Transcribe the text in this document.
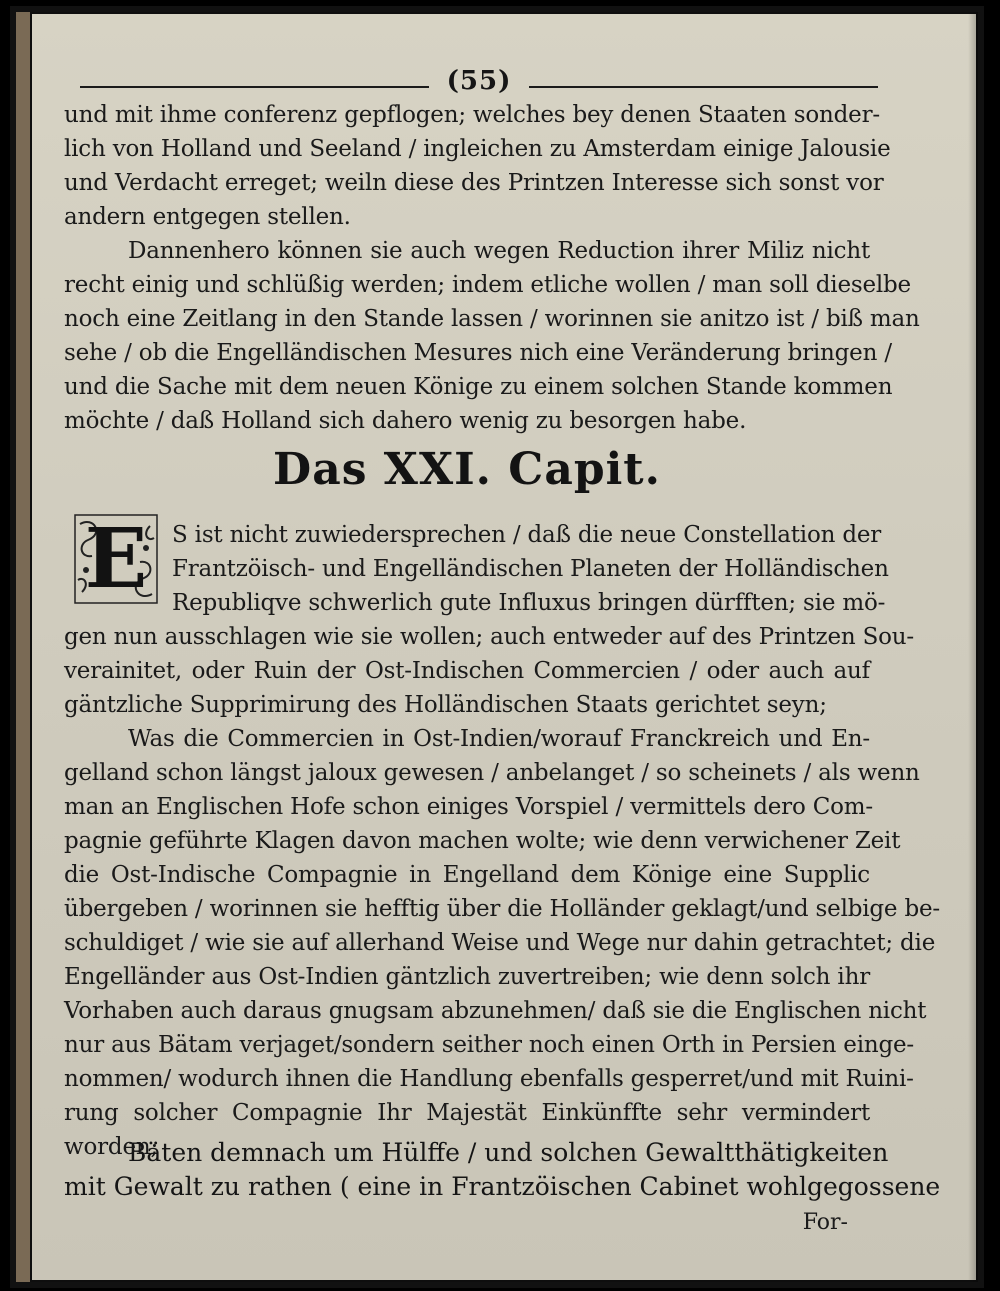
(55)
und mit ihme conferenz gepflogen; welches bey denen Staaten sonder-
lich von Holland und Seeland / ingleichen zu Amsterdam einige Jalousie
und Verdacht erreget; weiln diese des Printzen Interesse sich sonst vor
andern entgegen stellen.
Dannenhero können sie auch wegen Reduction ihrer Miliz nicht
recht einig und schlüßig werden; indem etliche wollen / man soll dieselbe
noch eine Zeitlang in den Stande lassen / worinnen sie anitzo ist / biß man
sehe / ob die Engelländischen Mesures nich eine Veränderung bringen /
und die Sache mit dem neuen Könige zu einem solchen Stande kommen
möchte / daß Holland sich dahero wenig zu besorgen habe.
Das XXI. Capit.
E	S ist nicht zuwiedersprechen / daß die neue Constellation der
Frantzöisch- und Engelländischen Planeten der Holländischen
Republiqve schwerlich gute Influxus bringen dürfften; sie mö-
gen nun ausschlagen wie sie wollen; auch entweder auf des Printzen Sou-
verainitet, oder Ruin der Ost-Indischen Commercien / oder auch auf
gäntzliche Supprimirung des Holländischen Staats gerichtet seyn;
Was die Commercien in Ost-Indien/worauf Franckreich und En-
gelland schon längst jaloux gewesen / anbelanget / so scheinets / als wenn
man an Englischen Hofe schon einiges Vorspiel / vermittels dero Com-
pagnie geführte Klagen davon machen wolte; wie denn verwichener Zeit
die Ost-Indische Compagnie in Engelland dem Könige eine Supplic
übergeben / worinnen sie hefftig über die Holländer geklagt/und selbige be-
schuldiget / wie sie auf allerhand Weise und Wege nur dahin getrachtet; die
Engelländer aus Ost-Indien gäntzlich zuvertreiben; wie denn solch ihr
Vorhaben auch daraus gnugsam abzunehmen/ daß sie die Englischen nicht
nur aus Bätam verjaget/sondern seither noch einen Orth in Persien einge-
nommen/ wodurch ihnen die Handlung ebenfalls gesperret/und mit Ruini-
rung solcher Compagnie Ihr Majestät Einkünffte sehr vermindert
worden;
Bäten demnach um Hülffe / und solchen Gewaltthätigkeiten
mit Gewalt zu rathen ( eine in Frantzöischen Cabinet wohlgegossene
For-
